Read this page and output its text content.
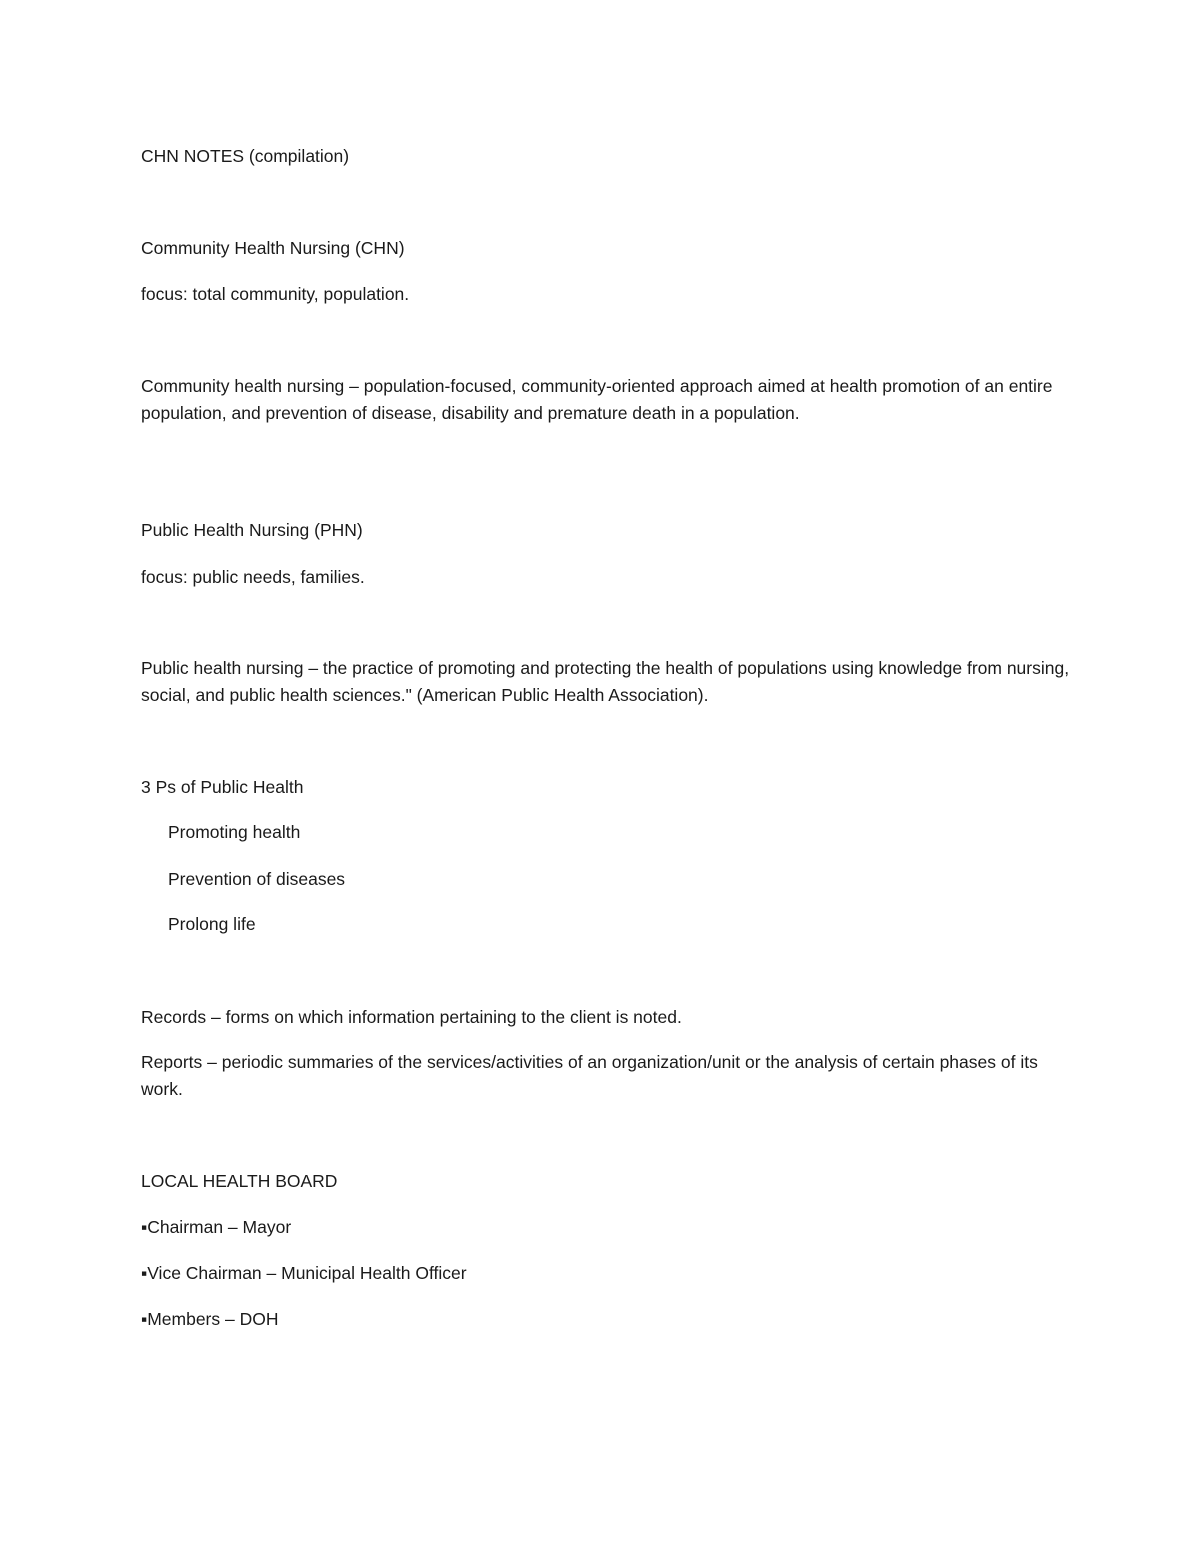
CHN NOTES (compilation)
Community Health Nursing (CHN)
focus: total community, population.
Community health nursing – population-focused, community-oriented approach aimed at health promotion of an entire population, and prevention of disease, disability and premature death in a population.
Public Health Nursing (PHN)
focus: public needs, families.
Public health nursing – the practice of promoting and protecting the health of populations using knowledge from nursing, social, and public health sciences." (American Public Health Association).
3 Ps of Public Health
Promoting health
Prevention of diseases
Prolong life
Records – forms on which information pertaining to the client is noted.
Reports – periodic summaries of the services/activities of an organization/unit or the analysis of certain phases of its work.
LOCAL HEALTH BOARD
▪Chairman – Mayor
▪Vice Chairman – Municipal Health Officer
▪Members – DOH
